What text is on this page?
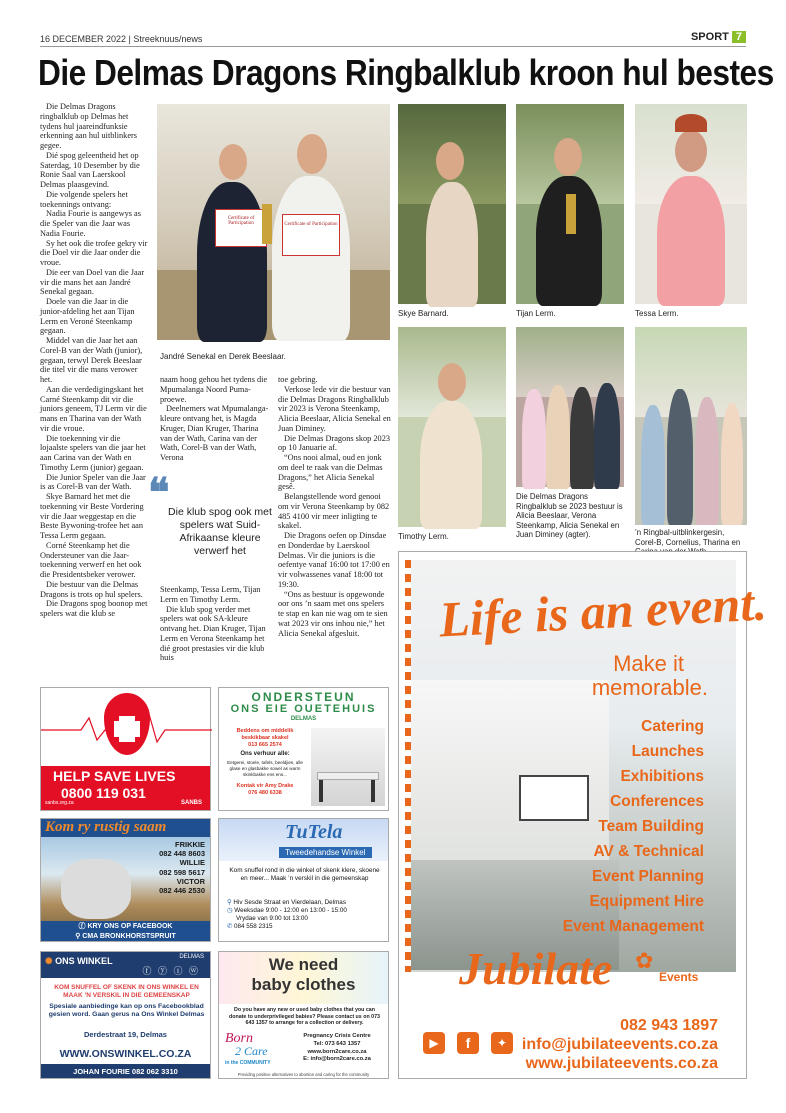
16 DECEMBER 2022 | Streeknuus/news	SPORT 7
Die Delmas Dragons Ringbalklub kroon hul bestes

Die Delmas Dragons ringbalklub op Delmas het tydens hul jaareindfunksie erkenning aan hul uitblinkers gegee.

Dié spog geleentheid het op Saterdag, 10 Desember by die Ronie Saal van Laerskool Delmas plaasgevind.

Die volgende spelers het toekennings ontvang:

Nadia Fourie is aangewys as die Speler van die Jaar was Nadia Fourie.

Sy het ook die trofee gekry vir die Doel vir die Jaar onder die vroue.

Die eer van Doel van die Jaar vir die mans het aan Jandré Senekal gegaan.

Doele van die Jaar in die junior-afdeling het aan Tijan Lerm en Veroné Steenkamp gegaan.

Middel van die Jaar het aan Corel-B van der Wath (junior), gegaan, terwyl Derek Beeslaar die titel vir die mans verower het.

Aan die verdedigingskant het Carné Steenkamp dit vir die juniors geneem, TJ Lerm vir die mans en Tharina van der Wath vir die vroue.

Die toekenning vir die lojaalste spelers van die jaar het aan Carina van der Wath en Timothy Lerm (junior) gegaan.

Die Junior Speler van die Jaar is as Corel-B van der Wath.

Skye Barnard het met die toekenning vir Beste Vordering vir die Jaar weggestap en die Beste Bywoning-trofee het aan Tessa Lerm gegaan.

Corné Steenkamp het die Ondersteuner van die Jaar-toekenning verwerf en het ook die Presidentsbeker verower.

Die bestuur van die Delmas Dragons is trots op hul spelers.

Die Dragons spog boonop met spelers wat die klub se

Certificate of Participation	Certificate of Participation
Jandré Senekal en Derek Beeslaar.

naam hoog gehou het tydens die Mpumalanga Noord Puma-proewe.

Deelnemers wat Mpumalanga-kleure ontvang het, is Magda Kruger, Dian Kruger, Tharina van der Wath, Carina van der Wath, Corel-B van der Wath, Verona

❝
Die klub spog ook met spelers wat Suid-Afrikaanse kleure verwerf het

Steenkamp, Tessa Lerm, Tijan Lerm en Timothy Lerm.

Die klub spog verder met spelers wat ook SA-kleure ontvang het. Dian Kruger, Tijan Lerm en Verona Steenkamp het dié groot prestasies vir die klub huis

toe gebring.

Verkose lede vir die bestuur van die Delmas Dragons Ringbalklub vir 2023 is Verona Steenkamp, Alicia Beeslaar, Alicia Senekal en Juan Diminey.

Die Delmas Dragons skop 2023 op 10 Januarie af.

“Ons nooi almal, oud en jonk om deel te raak van die Delmas Dragons,” het Alicia Senekal gesê.

Belangstellende word genooi om vir Verona Steenkamp by 082 485 4100 vir meer inligting te skakel.

Die Dragons oefen op Dinsdae en Donderdae by Laerskool Delmas. Vir die juniors is die oefentye vanaf 16:00 tot 17:00 en vir volwassenes vanaf 18:00 tot 19:30.

“Ons as bestuur is opgewonde oor ons ’n saam met ons spelers te stap en kan nie wag om te sien wat 2023 vir ons inhou nie,” het Alicia Senekal afgesluit.

Skye Barnard.	Tijan Lerm.	Tessa Lerm.
Timothy Lerm.
Die Delmas Dragons Ringbalklub se 2023 bestuur is Alicia Beeslaar, Verona Steenkamp, Alicia Senekal en Juan Diminey (agter).	’n Ringbal-uitblinkergesin, Corel-B, Cornelius, Tharina en
HELP SAVE LIVES
0800 119 031
sanbs.org.za	SANBS
ONDERSTEUN
ONS EIE OUETEHUIS
DELMAS
Beddens om middelik
beskikbaar skakel
013 665 2574
Ons verhuur alle:
Eetgerei, stoele, tafels, beeldjies, alle glase en glasbakke sowel as warm skinkbakke ens ens...
Kontak vir Amy Drake
076 480 6338
Kom ry rustig saam
FRIKKIE
082 448 8603
WILLIE
082 598 5617
VICTOR
082 446 2530
ⓕ KRY ONS OP FACEBOOK
⚲ CMA BRONKHORSTSPRUIT
TuTela
Tweedehandse Winkel
Kom snuffel rond in die winkel of skenk klere, skoene en meer... Maak ’n verskil in die gemeenskap
⚲ Hiv Sesde Straat en Vierdelaan, Delmas
◷ Weeksdae 9:00 - 12:00 en 13:00 - 15:00
Vrydae van 9:00 tot 13:00
✆ 084 558 2315
✺ ONS WINKEL	DELMAS
ⓕ ⓨ ⓘ ⓦ
KOM SNUFFEL OF SKENK IN ONS WINKEL EN MAAK ’N VERSKIL IN DIE GEMEENSKAP
Spesiale aanbiedinge kan op ons Facebookblad gesien word. Gaan gerus na Ons Winkel Delmas
Derdestraat 19, Delmas
WWW.ONSWINKEL.CO.ZA
JOHAN FOURIE 082 062 3310
We need
baby clothes
Do you have any new or used baby clothes that you can donate to underprivileged babies? Please contact us on 073 643 1357 to arrange for a collection or delivery.
Born
2 Care
in the COMMUNITY
Pregnancy Crisis Centre
Tel: 073 643 1357
www.born2care.co.za
E: info@born2care.co.za
Providing positive alternatives to abortion and caring for the community
Life is an event.
Make it
memorable.
Catering
Launches
Exhibitions
Conferences
Team Building
AV & Technical
Event Planning
Equipment Hire
Event Management
Jubilate	Events
✿
082 943 1897
info@jubilateevents.co.za
www.jubilateevents.co.za
▶	f	✦
